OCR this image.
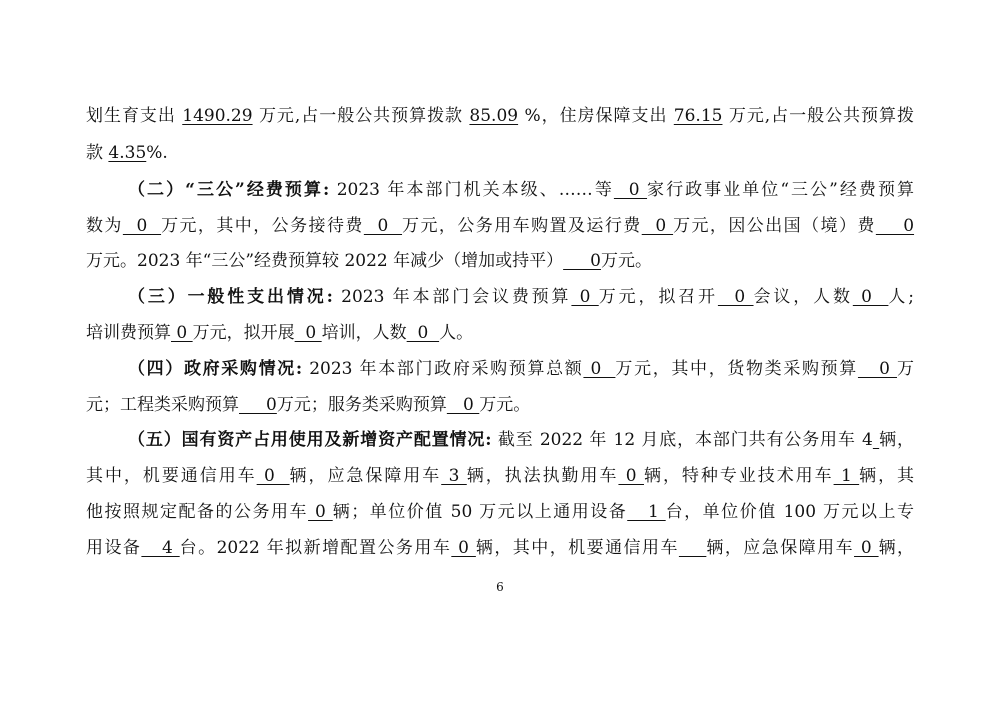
划生育支出 1490.29 万元,占一般公共预算拨款 85.09 %，住房保障支出 76.15 万元,占一般公共预算拨
款 4.35%.
（二）“三公”经费预算: 2023 年本部门机关本级、……等  0 家行政事业单位“三公”经费预算
数为  0  万元，其中，公务接待费  0  万元，公务用车购置及运行费  0 万元，因公出国（境）费    0
万元。2023 年“三公”经费预算较 2022 年减少（增加或持平）     0万元。
（三）一般性支出情况: 2023 年本部门会议费预算 0 万元，拟召开  0 会议，人数 0  人;
培训费预算 0 万元，拟开展  0 培训，人数  0  人。
（四）政府采购情况: 2023 年本部门政府采购预算总额 0  万元，其中，货物类采购预算   0 万
元；工程类采购预算     0万元；服务类采购预算   0 万元。
（五）国有资产占用使用及新增资产配置情况: 截至 2022 年 12 月底，本部门共有公务用车 4 辆，
其中，机要通信用车 0  辆，应急保障用车 3 辆，执法执勤用车 0 辆，特种专业技术用车 1 辆，其
他按照规定配备的公务用车 0 辆；单位价值 50 万元以上通用设备   1 台，单位价值 100 万元以上专
用设备   4 台。2022 年拟新增配置公务用车 0 辆，其中，机要通信用车 辆，应急保障用车 0 辆，
6
